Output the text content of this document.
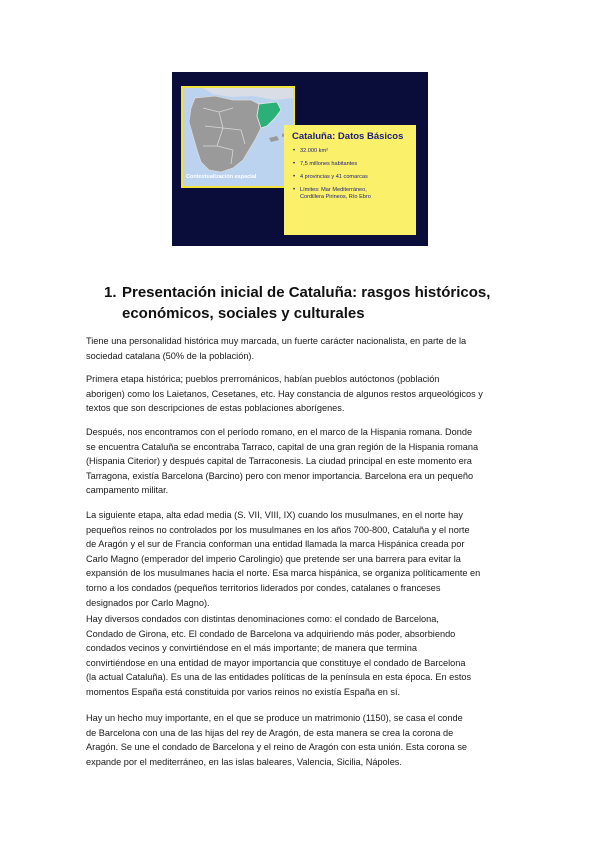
Contextualización espacial
Cataluña: Datos Básicos
• 32.000 km²
• 7,5 millones habitantes
• 4 provincias y 41 comarcas
• Límites: Mar Mediterráneo,
Cordillera Pirineos, Río Ebro
1. Presentación inicial de Cataluña: rasgos históricos,
económicos, sociales y culturales

Tiene una personalidad histórica muy marcada, un fuerte carácter nacionalista, en parte de la
sociedad catalana (50% de la población).

Primera etapa histórica; pueblos prerrománicos, habían pueblos autóctonos (población
aborigen) como los Laietanos, Cesetanes, etc. Hay constancia de algunos restos arqueológicos y
textos que son descripciones de estas poblaciones aborígenes.

Después, nos encontramos con el período romano, en el marco de la Hispania romana. Donde
se encuentra Cataluña se encontraba Tarraco, capital de una gran región de la Hispania romana
(Hispania Citerior) y después capital de Tarraconesis. La ciudad principal en este momento era
Tarragona, existía Barcelona (Barcino) pero con menor importancia. Barcelona era un pequeño
campamento militar.

La siguiente etapa, alta edad media (S. VII, VIII, IX) cuando los musulmanes, en el norte hay
pequeños reinos no controlados por los musulmanes en los años 700-800, Cataluña y el norte
de Aragón y el sur de Francia conforman una entidad llamada la marca Hispánica creada por
Carlo Magno (emperador del imperio Carolingio) que pretende ser una barrera para evitar la
expansión de los musulmanes hacia el norte. Esa marca hispánica, se organiza políticamente en
torno a los condados (pequeños territorios liderados por condes, catalanes o franceses
designados por Carlo Magno).

Hay diversos condados con distintas denominaciones como: el condado de Barcelona,
Condado de Girona, etc. El condado de Barcelona va adquiriendo más poder, absorbiendo
condados vecinos y convirtiéndose en el más importante; de manera que termina
convirtiéndose en una entidad de mayor importancia que constituye el condado de Barcelona
(la actual Cataluña). Es una de las entidades políticas de la península en esta época. En estos
momentos España está constituida por varios reinos no existía España en sí.

Hay un hecho muy importante, en el que se produce un matrimonio (1150), se casa el conde
de Barcelona con una de las hijas del rey de Aragón, de esta manera se crea la corona de
Aragón. Se une el condado de Barcelona y el reino de Aragón con esta unión. Esta corona se
expande por el mediterráneo, en las islas baleares, Valencia, Sicilia, Nápoles.
